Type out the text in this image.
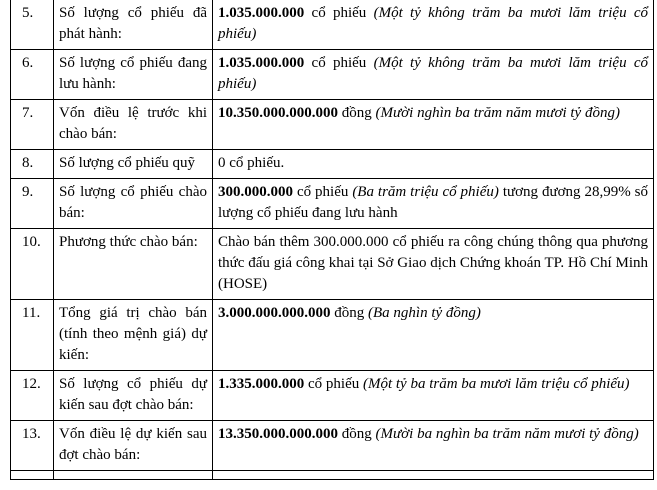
5.	Số lượng cổ phiếu đã phát hành:	1.035.000.000 cổ phiếu (Một tỷ không trăm ba mươi lăm triệu cổ phiếu)
6.	Số lượng cổ phiếu đang lưu hành:	1.035.000.000 cổ phiếu (Một tỷ không trăm ba mươi lăm triệu cổ phiếu)
7.	Vốn điều lệ trước khi chào bán:	10.350.000.000.000 đồng (Mười nghìn ba trăm năm mươi tỷ đồng)
8.	Số lượng cổ phiếu quỹ	0 cổ phiếu.
9.	Số lượng cổ phiếu chào bán:	300.000.000 cổ phiếu (Ba trăm triệu cổ phiếu) tương đương 28,99% số lượng cổ phiếu đang lưu hành
10.	Phương thức chào bán:	Chào bán thêm 300.000.000 cổ phiếu ra công chúng thông qua phương thức đấu giá công khai tại Sở Giao dịch Chứng khoán TP. Hồ Chí Minh (HOSE)
11.	Tổng giá trị chào bán (tính theo mệnh giá) dự kiến:	3.000.000.000.000 đồng (Ba nghìn tỷ đồng)
12.	Số lượng cổ phiếu dự kiến sau đợt chào bán:	1.335.000.000 cổ phiếu (Một tỷ ba trăm ba mươi lăm triệu cổ phiếu)
13.	Vốn điều lệ dự kiến sau đợt chào bán:	13.350.000.000.000 đồng (Mười ba nghìn ba trăm năm mươi tỷ đồng)
